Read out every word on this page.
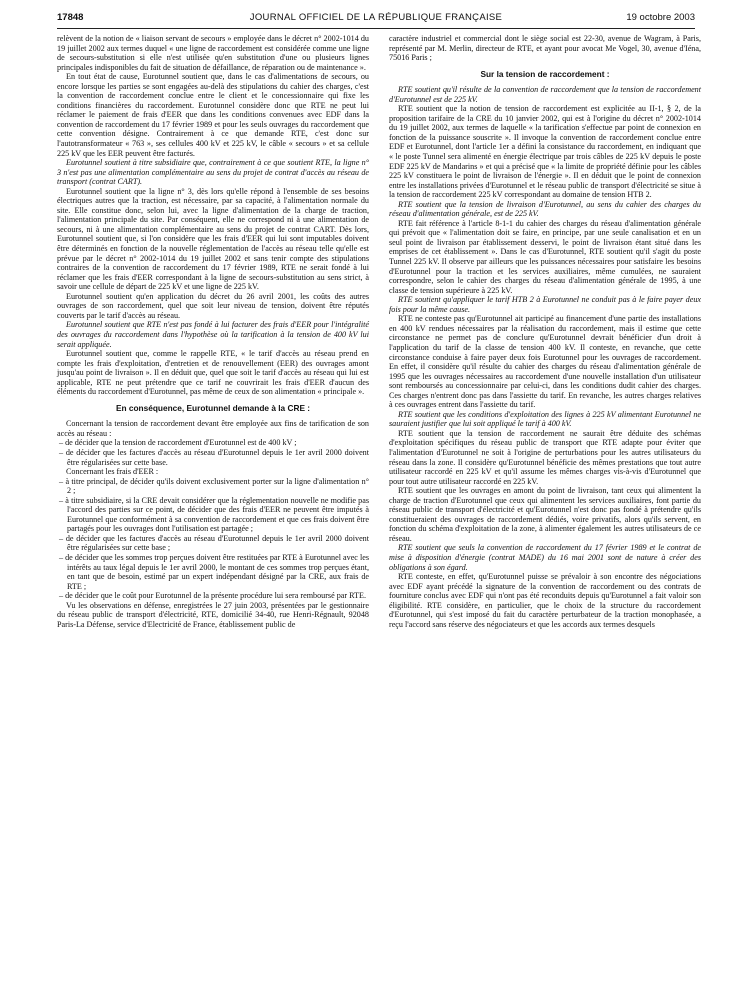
17848	JOURNAL OFFICIEL DE LA RÉPUBLIQUE FRANÇAISE	19 octobre 2003

relèvent de la notion de « liaison servant de secours » employée dans le décret n° 2002-1014 du 19 juillet 2002 aux termes duquel « une ligne de raccordement est considérée comme une ligne de secours-substitution si elle n'est utilisée qu'en substitution d'une ou plusieurs lignes principales indisponibles du fait de situation de défaillance, de réparation ou de maintenance ».

En tout état de cause, Eurotunnel soutient que, dans le cas d'alimentations de secours, ou encore lorsque les parties se sont engagées au-delà des stipulations du cahier des charges, c'est la convention de raccordement conclue entre le client et le concessionnaire qui fixe les conditions financières du raccordement. Eurotunnel considère donc que RTE ne peut lui réclamer le paiement de frais d'EER que dans les conditions convenues avec EDF dans la convention de raccordement du 17 février 1989 et pour les seuls ouvrages du raccordement que cette convention désigne. Contrairement à ce que demande RTE, c'est donc sur l'autotransformateur « 763 », ses cellules 400 kV et 225 kV, le câble « secours » et sa cellule 225 kV que les EER peuvent être facturés.

Eurotunnel soutient à titre subsidiaire que, contrairement à ce que soutient RTE, la ligne n° 3 n'est pas une alimentation complémentaire au sens du projet de contrat d'accès au réseau de transport (contrat CART).

Eurotunnel soutient que la ligne n° 3, dès lors qu'elle répond à l'ensemble de ses besoins électriques autres que la traction, est nécessaire, par sa capacité, à l'alimentation normale du site. Elle constitue donc, selon lui, avec la ligne d'alimentation de la charge de traction, l'alimentation principale du site. Par conséquent, elle ne correspond ni à une alimentation de secours, ni à une alimentation complémentaire au sens du projet de contrat CART. Dès lors, Eurotunnel soutient que, si l'on considère que les frais d'EER qui lui sont imputables doivent être déterminés en fonction de la nouvelle réglementation de l'accès au réseau telle qu'elle est prévue par le décret n° 2002-1014 du 19 juillet 2002 et sans tenir compte des stipulations contraires de la convention de raccordement du 17 février 1989, RTE ne serait fondé à lui réclamer que les frais d'EER correspondant à la ligne de secours-substitution au sens strict, à savoir une cellule de départ de 225 kV et une ligne de 225 kV.

Eurotunnel soutient qu'en application du décret du 26 avril 2001, les coûts des autres ouvrages de son raccordement, quel que soit leur niveau de tension, doivent être réputés couverts par le tarif d'accès au réseau.

Eurotunnel soutient que RTE n'est pas fondé à lui facturer des frais d'EER pour l'intégralité des ouvrages du raccordement dans l'hypothèse où la tarification à la tension de 400 kV lui serait appliquée.

Eurotunnel soutient que, comme le rappelle RTE, « le tarif d'accès au réseau prend en compte les frais d'exploitation, d'entretien et de renouvellement (EER) des ouvrages amont jusqu'au point de livraison ». Il en déduit que, quel que soit le tarif d'accès au réseau qui lui est applicable, RTE ne peut prétendre que ce tarif ne couvrirait les frais d'EER d'aucun des éléments du raccordement d'Eurotunnel, pas même de ceux de son alimentation « principale ».

En conséquence, Eurotunnel demande à la CRE :

Concernant la tension de raccordement devant être employée aux fins de tarification de son accès au réseau :

– de décider que la tension de raccordement d'Eurotunnel est de 400 kV ;
– de décider que les factures d'accès au réseau d'Eurotunnel depuis le 1er avril 2000 doivent être régularisées sur cette base.

Concernant les frais d'EER :

– à titre principal, de décider qu'ils doivent exclusivement porter sur la ligne d'alimentation n° 2 ;
– à titre subsidiaire, si la CRE devait considérer que la réglementation nouvelle ne modifie pas l'accord des parties sur ce point, de décider que des frais d'EER ne peuvent être imputés à Eurotunnel que conformément à sa convention de raccordement et que ces frais doivent être partagés pour les ouvrages dont l'utilisation est partagée ;
– de décider que les factures d'accès au réseau d'Eurotunnel depuis le 1er avril 2000 doivent être régularisées sur cette base ;
– de décider que les sommes trop perçues doivent être restituées par RTE à Eurotunnel avec les intérêts au taux légal depuis le 1er avril 2000, le montant de ces sommes trop perçues étant, en tant que de besoin, estimé par un expert indépendant désigné par la CRE, aux frais de RTE ;
– de décider que le coût pour Eurotunnel de la présente procédure lui sera remboursé par RTE.

Vu les observations en défense, enregistrées le 27 juin 2003, présentées par le gestionnaire du réseau public de transport d'électricité, RTE, domicilié 34-40, rue Henri-Régnault, 92048 Paris-La Défense, service d'Electricité de France, établissement public de

caractère industriel et commercial dont le siège social est 22-30, avenue de Wagram, à Paris, représenté par M. Merlin, directeur de RTE, et ayant pour avocat Me Vogel, 30, avenue d'Iéna, 75016 Paris ;

Sur la tension de raccordement :

RTE soutient qu'il résulte de la convention de raccordement que la tension de raccordement d'Eurotunnel est de 225 kV.

RTE soutient que la notion de tension de raccordement est explicitée au II-1, § 2, de la proposition tarifaire de la CRE du 10 janvier 2002, qui est à l'origine du décret n° 2002-1014 du 19 juillet 2002, aux termes de laquelle « la tarification s'effectue par point de connexion en fonction de la puissance souscrite ». Il invoque la convention de raccordement conclue entre EDF et Eurotunnel, dont l'article 1er a défini la consistance du raccordement, en indiquant que « le poste Tunnel sera alimenté en énergie électrique par trois câbles de 225 kV depuis le poste EDF 225 kV de Mandarins » et qui a précisé que « la limite de propriété définie pour les câbles 225 kV constituera le point de livraison de l'énergie ». Il en déduit que le point de connexion entre les installations privées d'Eurotunnel et le réseau public de transport d'électricité se situe à la tension de raccordement 225 kV correspondant au domaine de tension HTB 2.

RTE soutient que la tension de livraison d'Eurotunnel, au sens du cahier des charges du réseau d'alimentation générale, est de 225 kV.

RTE fait référence à l'article 8-1-1 du cahier des charges du réseau d'alimentation générale qui prévoit que « l'alimentation doit se faire, en principe, par une seule canalisation et en un seul point de livraison par établissement desservi, le point de livraison étant situé dans les emprises de cet établissement ». Dans le cas d'Eurotunnel, RTE soutient qu'il s'agit du poste Tunnel 225 kV. Il observe par ailleurs que les puissances nécessaires pour satisfaire les besoins d'Eurotunnel pour la traction et les services auxiliaires, même cumulées, ne sauraient correspondre, selon le cahier des charges du réseau d'alimentation générale de 1995, à une classe de tension supérieure à 225 kV.

RTE soutient qu'appliquer le tarif HTB 2 à Eurotunnel ne conduit pas à le faire payer deux fois pour la même cause.

RTE ne conteste pas qu'Eurotunnel ait participé au financement d'une partie des installations en 400 kV rendues nécessaires par la réalisation du raccordement, mais il estime que cette circonstance ne permet pas de conclure qu'Eurotunnel devrait bénéficier d'un droit à l'application du tarif de la classe de tension 400 kV. Il conteste, en revanche, que cette circonstance conduise à faire payer deux fois Eurotunnel pour les ouvrages de raccordement. En effet, il considère qu'il résulte du cahier des charges du réseau d'alimentation générale de 1995 que les ouvrages nécessaires au raccordement d'une nouvelle installation d'un utilisateur sont remboursés au concessionnaire par celui-ci, dans les conditions dudit cahier des charges. Ces charges n'entrent donc pas dans l'assiette du tarif. En revanche, les autres charges relatives à ces ouvrages entrent dans l'assiette du tarif.

RTE soutient que les conditions d'exploitation des lignes à 225 kV alimentant Eurotunnel ne sauraient justifier que lui soit appliqué le tarif à 400 kV.

RTE soutient que la tension de raccordement ne saurait être déduite des schémas d'exploitation spécifiques du réseau public de transport que RTE adapte pour éviter que l'alimentation d'Eurotunnel ne soit à l'origine de perturbations pour les autres utilisateurs du réseau dans la zone. Il considère qu'Eurotunnel bénéficie des mêmes prestations que tout autre utilisateur raccordé en 225 kV et qu'il assume les mêmes charges vis-à-vis d'Eurotunnel que pour tout autre utilisateur raccordé en 225 kV.

RTE soutient que les ouvrages en amont du point de livraison, tant ceux qui alimentent la charge de traction d'Eurotunnel que ceux qui alimentent les services auxiliaires, font partie du réseau public de transport d'électricité et qu'Eurotunnel n'est donc pas fondé à prétendre qu'ils constitueraient des ouvrages de raccordement dédiés, voire privatifs, alors qu'ils servent, en fonction du schéma d'exploitation de la zone, à alimenter également les autres utilisateurs de ce réseau.

RTE soutient que seuls la convention de raccordement du 17 février 1989 et le contrat de mise à disposition d'énergie (contrat MADE) du 16 mai 2001 sont de nature à créer des obligations à son égard.

RTE conteste, en effet, qu'Eurotunnel puisse se prévaloir à son encontre des négociations avec EDF ayant précédé la signature de la convention de raccordement ou des contrats de fourniture conclus avec EDF qui n'ont pas été reconduits depuis qu'Eurotunnel a fait valoir son éligibilité. RTE considère, en particulier, que le choix de la structure du raccordement d'Eurotunnel, qui s'est imposé du fait du caractère perturbateur de la traction monophasée, a reçu l'accord sans réserve des négociateurs et que les accords aux termes desquels
